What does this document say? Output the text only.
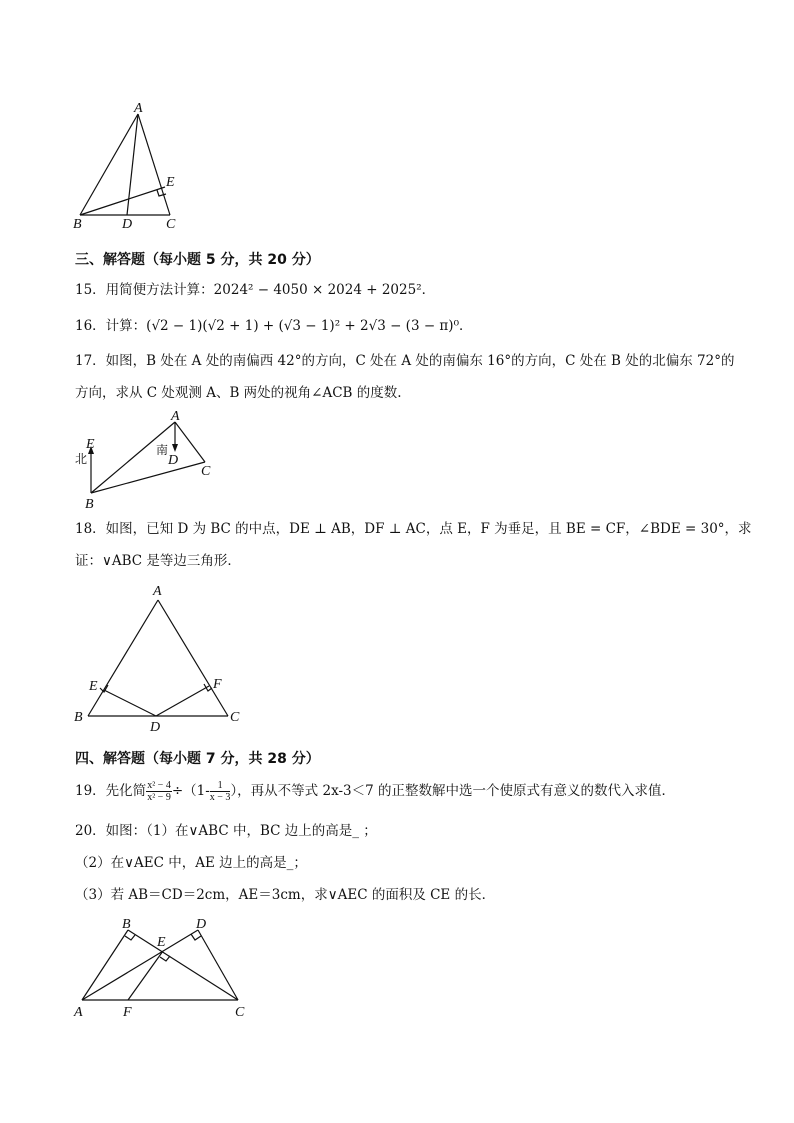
A
B	D C
E
三、解答题（每小题 5 分，共 20 分）
15．用简便方法计算：2024² − 4050 × 2024 + 2025²．
16．计算：(√2 − 1)(√2 + 1) + (√3 − 1)² + 2√3 − (3 − π)⁰．
17．如图，B 处在 A 处的南偏西 42°的方向，C 处在 A 处的南偏东 16°的方向，C 处在 B 处的北偏东 72°的
方向，求从 C 处观测 A、B 两处的视角∠ACB 的度数.
北
南
E
A
D
C
B
18．如图，已知 D 为 BC 的中点，DE ⊥ AB，DF ⊥ AC，点 E，F 为垂足，且 BE = CF，∠BDE = 30°，求
证：∨ABC 是等边三角形．
A
E	F
B
D
C
四、解答题（每小题 7 分，共 28 分）
19．先化简 $\frac{\text{x² − 4}}{\text{x² − 9}} \div(1- \frac{1}{x - 3}$ ），再从不等式 2x-3＜7 的正整数解中选一个使原式有意义的数代入求值．
20．如图：（1）在∨ABC 中，BC 边上的高是_ ；
（2）在∨AEC 中，AE 边上的高是_；
（3）若 AB＝CD＝2cm，AE＝3cm，求∨AEC 的面积及 CE 的长．
B	D
E
A	F	C
